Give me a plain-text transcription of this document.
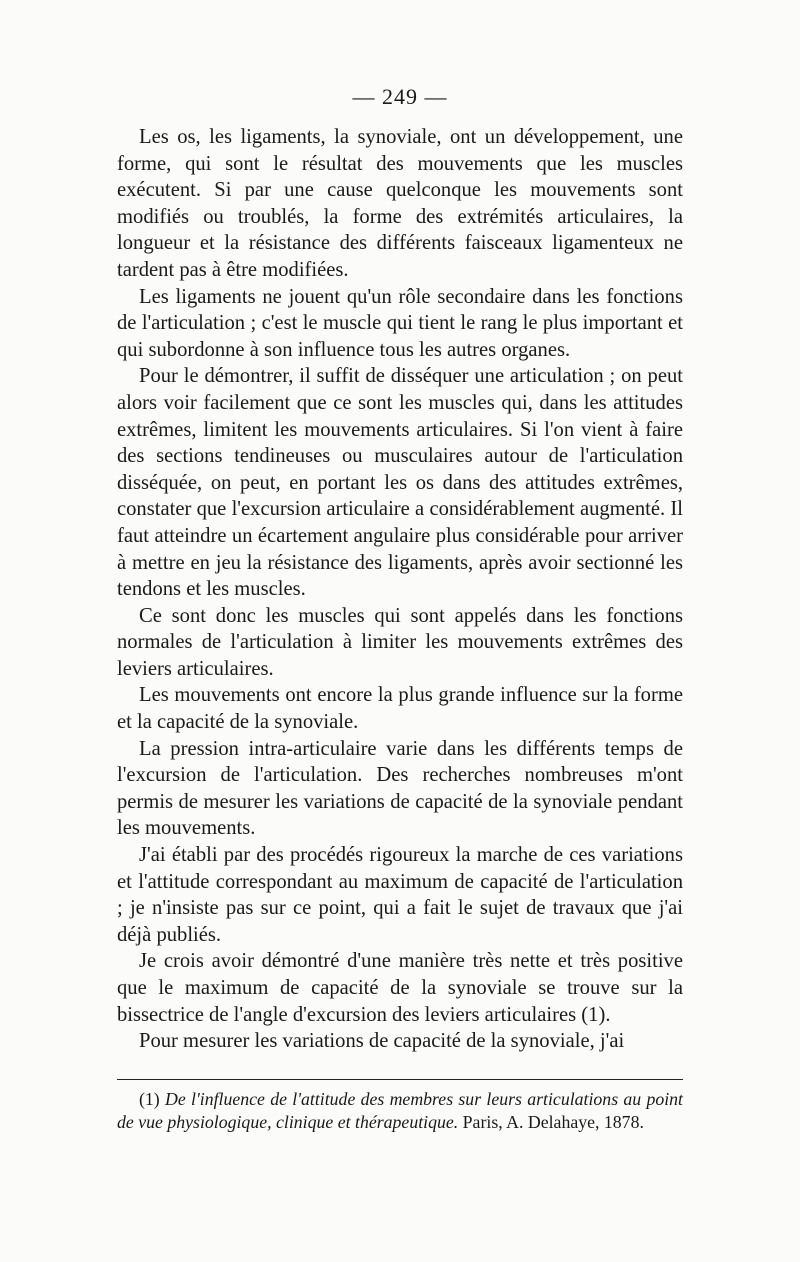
— 249 —

Les os, les ligaments, la synoviale, ont un développement, une forme, qui sont le résultat des mouvements que les muscles exécutent. Si par une cause quelconque les mouvements sont modifiés ou troublés, la forme des extrémités articulaires, la longueur et la résistance des différents faisceaux ligamenteux ne tardent pas à être modifiées.

Les ligaments ne jouent qu'un rôle secondaire dans les fonctions de l'articulation ; c'est le muscle qui tient le rang le plus important et qui subordonne à son influence tous les autres organes.

Pour le démontrer, il suffit de disséquer une articulation ; on peut alors voir facilement que ce sont les muscles qui, dans les attitudes extrêmes, limitent les mouvements articulaires. Si l'on vient à faire des sections tendineuses ou musculaires autour de l'articulation disséquée, on peut, en portant les os dans des attitudes extrêmes, constater que l'excursion articulaire a considérablement augmenté. Il faut atteindre un écartement angulaire plus considérable pour arriver à mettre en jeu la résistance des ligaments, après avoir sectionné les tendons et les muscles.

Ce sont donc les muscles qui sont appelés dans les fonctions normales de l'articulation à limiter les mouvements extrêmes des leviers articulaires.

Les mouvements ont encore la plus grande influence sur la forme et la capacité de la synoviale.

La pression intra-articulaire varie dans les différents temps de l'excursion de l'articulation. Des recherches nombreuses m'ont permis de mesurer les variations de capacité de la synoviale pendant les mouvements.

J'ai établi par des procédés rigoureux la marche de ces variations et l'attitude correspondant au maximum de capacité de l'articulation ; je n'insiste pas sur ce point, qui a fait le sujet de travaux que j'ai déjà publiés.

Je crois avoir démontré d'une manière très nette et très positive que le maximum de capacité de la synoviale se trouve sur la bissectrice de l'angle d'excursion des leviers articulaires (1).

Pour mesurer les variations de capacité de la synoviale, j'ai

(1) De l'influence de l'attitude des membres sur leurs articulations au point de vue physiologique, clinique et thérapeutique. Paris, A. Delahaye, 1878.
